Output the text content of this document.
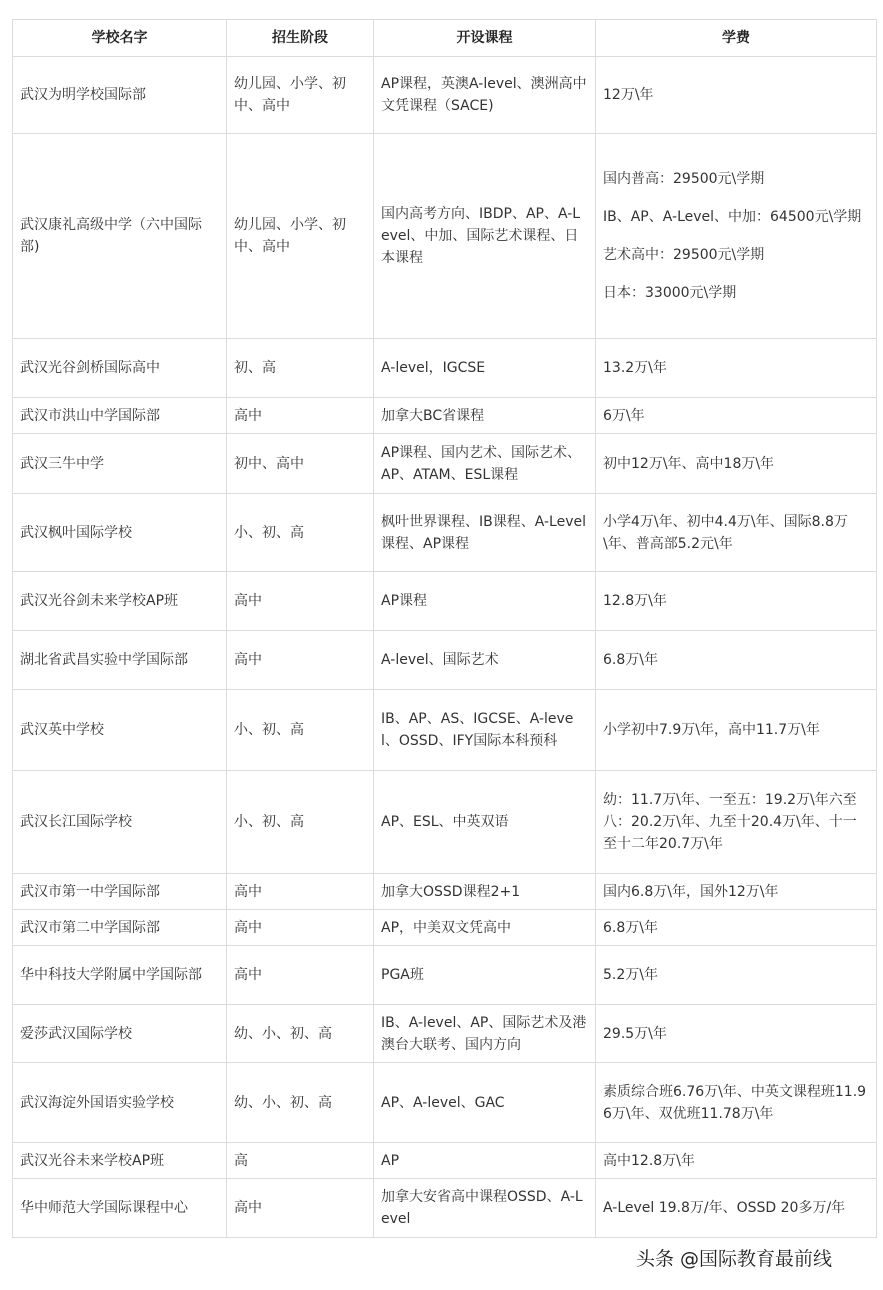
学校名字	招生阶段	开设课程	学费
武汉为明学校国际部	幼儿园、小学、初中、高中	AP课程，英澳A-level、澳洲高中文凭课程（SACE)	12万\年

武汉康礼高级中学（六中国际部)	幼儿园、小学、初中、高中	国内高考方向、IBDP、AP、A-Level、中加、国际艺术课程、日本课程	国内普高：29500元\学期

IB、AP、A-Level、中加：64500元\学期

艺术高中：29500元\学期

日本：33000元\学期

武汉光谷剑桥国际高中	初、高	A-level，IGCSE	13.2万\年

武汉市洪山中学国际部	高中	加拿大BC省课程	6万\年

武汉三牛中学	初中、高中	AP课程、国内艺术、国际艺术、AP、ATAM、ESL课程	初中12万\年、高中18万\年

武汉枫叶国际学校	小、初、高	枫叶世界课程、IB课程、A-Level课程、AP课程	小学4万\年、初中4.4万\年、国际8.8万\年、普高部5.2元\年

武汉光谷剑未来学校AP班	高中	AP课程	12.8万\年

湖北省武昌实验中学国际部	高中	A-level、国际艺术	6.8万\年

武汉英中学校	小、初、高	IB、AP、AS、IGCSE、A-level、OSSD、IFY国际本科预科	小学初中7.9万\年，高中11.7万\年

武汉长江国际学校	小、初、高	AP、ESL、中英双语	幼：11.7万\年、一至五：19.2万\年六至八：20.2万\年、九至十20.4万\年、十一至十二年20.7万\年

武汉市第一中学国际部	高中	加拿大OSSD课程2+1	国内6.8万\年，国外12万\年

武汉市第二中学国际部	高中	AP，中美双文凭高中	6.8万\年

华中科技大学附属中学国际部	高中	PGA班	5.2万\年

爱莎武汉国际学校	幼、小、初、高	IB、A-level、AP、国际艺术及港澳台大联考、国内方向	29.5万\年

武汉海淀外国语实验学校	幼、小、初、高	AP、A-level、GAC	素质综合班6.76万\年、中英文课程班11.96万\年、双优班11.78万\年

武汉光谷未来学校AP班	高	AP	高中12.8万\年

华中师范大学国际课程中心	高中	加拿大安省高中课程OSSD、A-Level	A-Level 19.8万/年、OSSD 20多万/年

头条 @国际教育最前线
